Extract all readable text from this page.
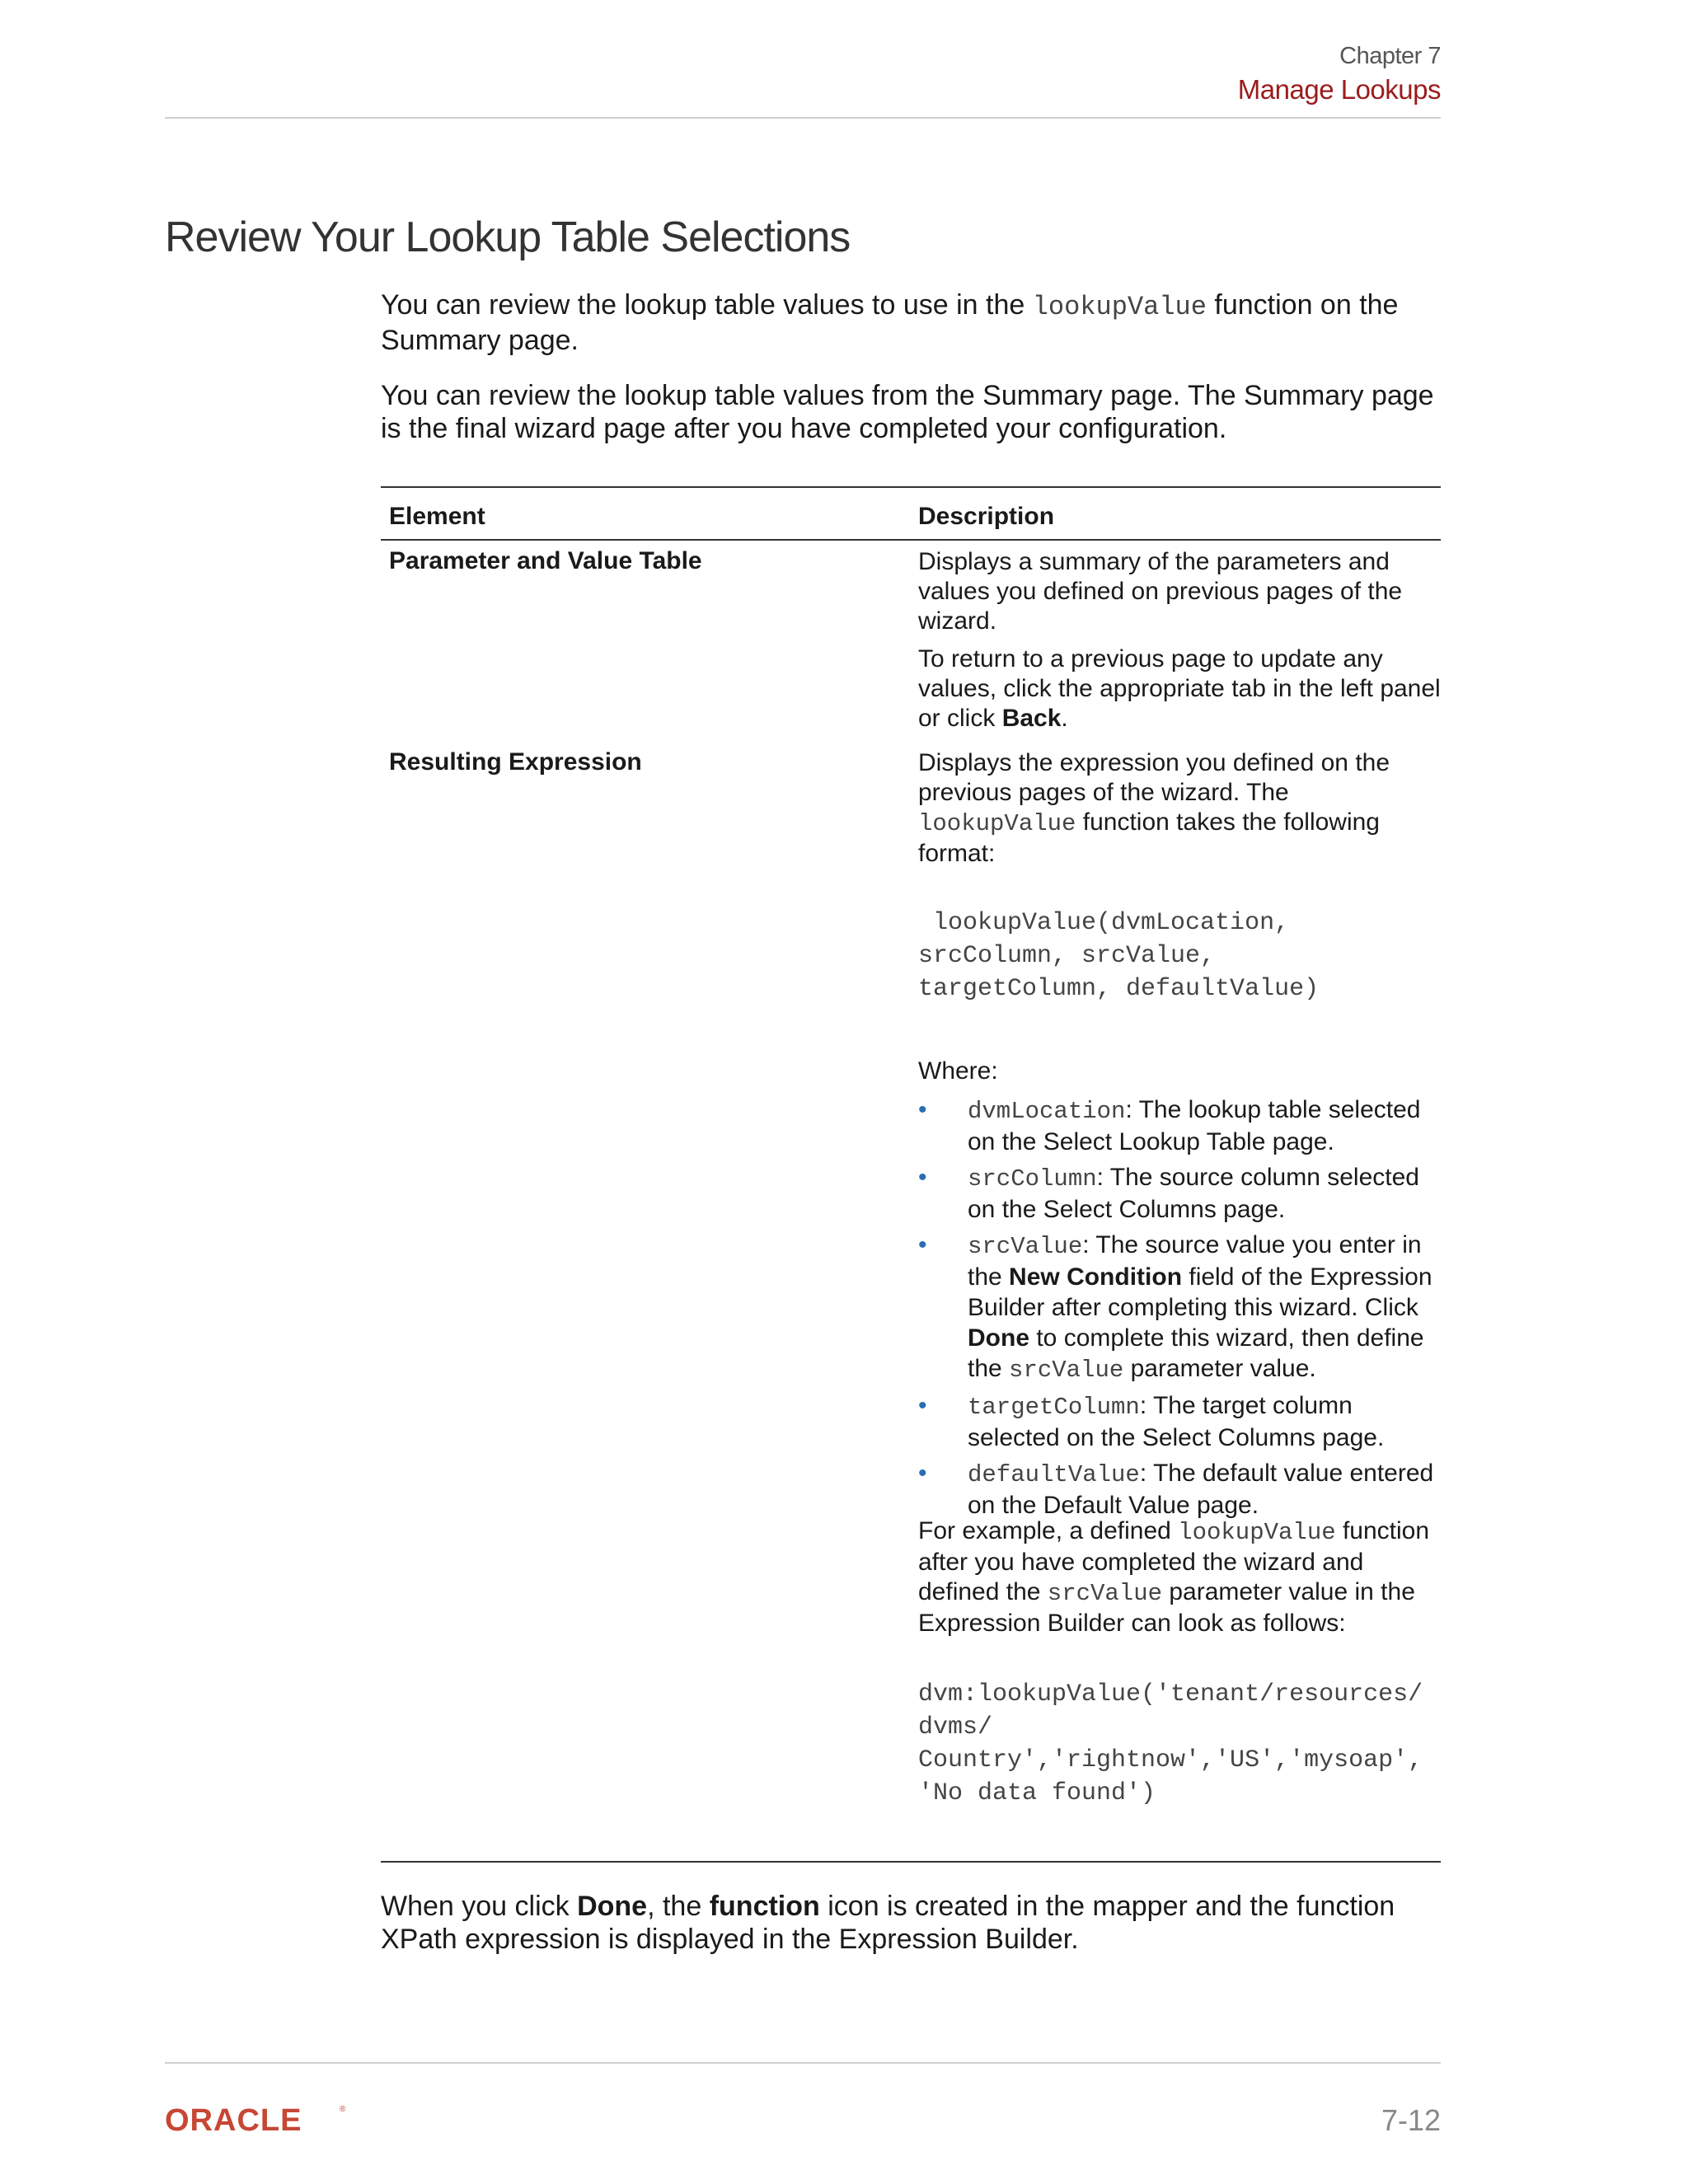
Chapter 7
Manage Lookups
Review Your Lookup Table Selections

You can review the lookup table values to use in the lookupValue function on the Summary page.

You can review the lookup table values from the Summary page. The Summary page is the final wizard page after you have completed your configuration.

Element	Description
Parameter and Value Table	Displays a summary of the parameters and values you defined on previous pages of the wizard.
To return to a previous page to update any values, click the appropriate tab in the left panel or click Back.
Resulting Expression	Displays the expression you defined on the previous pages of the wizard. The lookupValue function takes the following format:
lookupValue(dvmLocation,
srcColumn, srcValue,
targetColumn, defaultValue)
Where:
• dvmLocation: The lookup table selected on the Select Lookup Table page.
• srcColumn: The source column selected on the Select Columns page.
• srcValue: The source value you enter in the New Condition field of the Expression Builder after completing this wizard. Click Done to complete this wizard, then define the srcValue parameter value.
• targetColumn: The target column selected on the Select Columns page.
• defaultValue: The default value entered on the Default Value page.
For example, a defined lookupValue function after you have completed the wizard and defined the srcValue parameter value in the Expression Builder can look as follows:
dvm:lookupValue('tenant/resources/
dvms/
Country','rightnow','US','mysoap',
'No data found')

When you click Done, the function icon is created in the mapper and the function XPath expression is displayed in the Expression Builder.

ORACLE	®	7-12
